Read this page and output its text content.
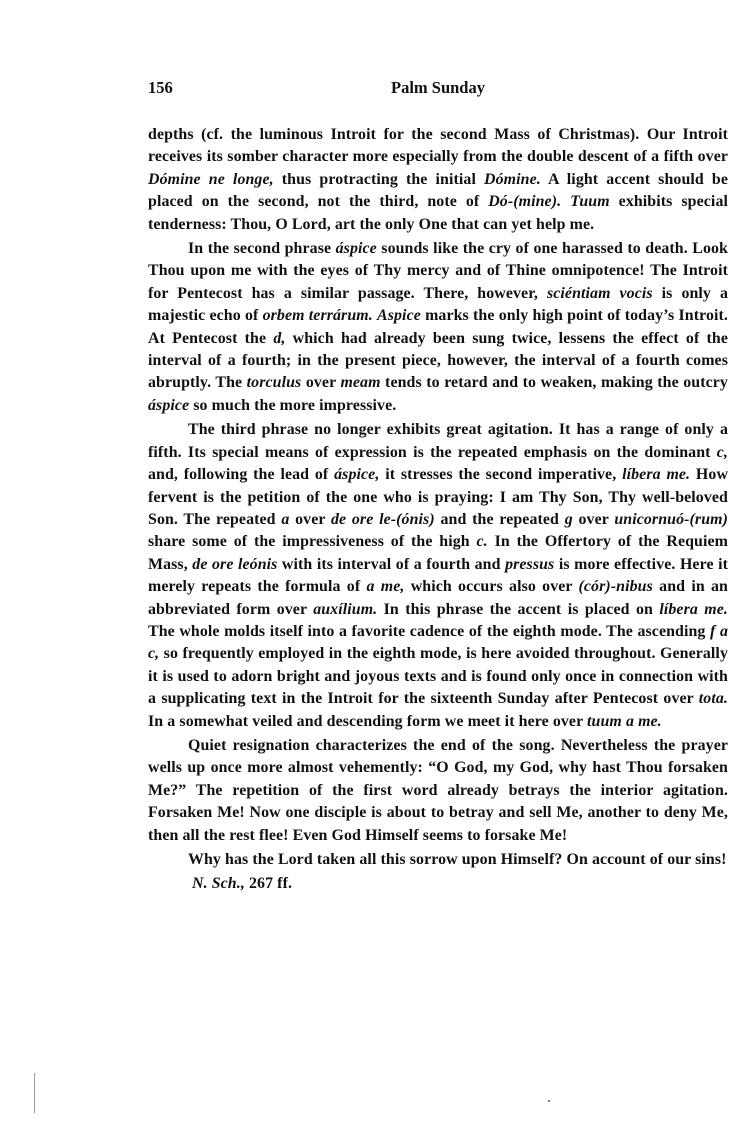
156	Palm Sunday

depths (cf. the luminous Introit for the second Mass of Christmas). Our Introit receives its somber character more especially from the double descent of a fifth over Dómine ne longe, thus protracting the initial Dómine. A light accent should be placed on the second, not the third, note of Dó-(mine). Tuum exhibits special tenderness: Thou, O Lord, art the only One that can yet help me.

In the second phrase áspice sounds like the cry of one harassed to death. Look Thou upon me with the eyes of Thy mercy and of Thine omnipotence! The Introit for Pentecost has a similar passage. There, however, sciéntiam vocis is only a majestic echo of orbem terrárum. Aspice marks the only high point of today’s Introit. At Pentecost the d, which had already been sung twice, lessens the effect of the interval of a fourth; in the present piece, however, the interval of a fourth comes abruptly. The torculus over meam tends to retard and to weaken, making the outcry áspice so much the more impressive.

The third phrase no longer exhibits great agitation. It has a range of only a fifth. Its special means of expression is the repeated emphasis on the dominant c, and, following the lead of áspice, it stresses the second imperative, líbera me. How fervent is the petition of the one who is praying: I am Thy Son, Thy well-beloved Son. The repeated a over de ore le-(ónis) and the repeated g over unicornuó-(rum) share some of the impressiveness of the high c. In the Offertory of the Requiem Mass, de ore leónis with its interval of a fourth and pressus is more effective. Here it merely repeats the formula of a me, which occurs also over (cór)-nibus and in an abbreviated form over auxílium. In this phrase the accent is placed on líbera me. The whole molds itself into a favorite cadence of the eighth mode. The ascending f a c, so frequently employed in the eighth mode, is here avoided throughout. Generally it is used to adorn bright and joyous texts and is found only once in connection with a supplicating text in the Introit for the sixteenth Sunday after Pentecost over tota. In a somewhat veiled and descending form we meet it here over tuum a me.

Quiet resignation characterizes the end of the song. Nevertheless the prayer wells up once more almost vehemently: “O God, my God, why hast Thou forsaken Me?” The repetition of the first word already betrays the interior agitation. Forsaken Me! Now one disciple is about to betray and sell Me, another to deny Me, then all the rest flee! Even God Himself seems to forsake Me!

Why has the Lord taken all this sorrow upon Himself? On account of our sins!

N. Sch., 267 ff.
